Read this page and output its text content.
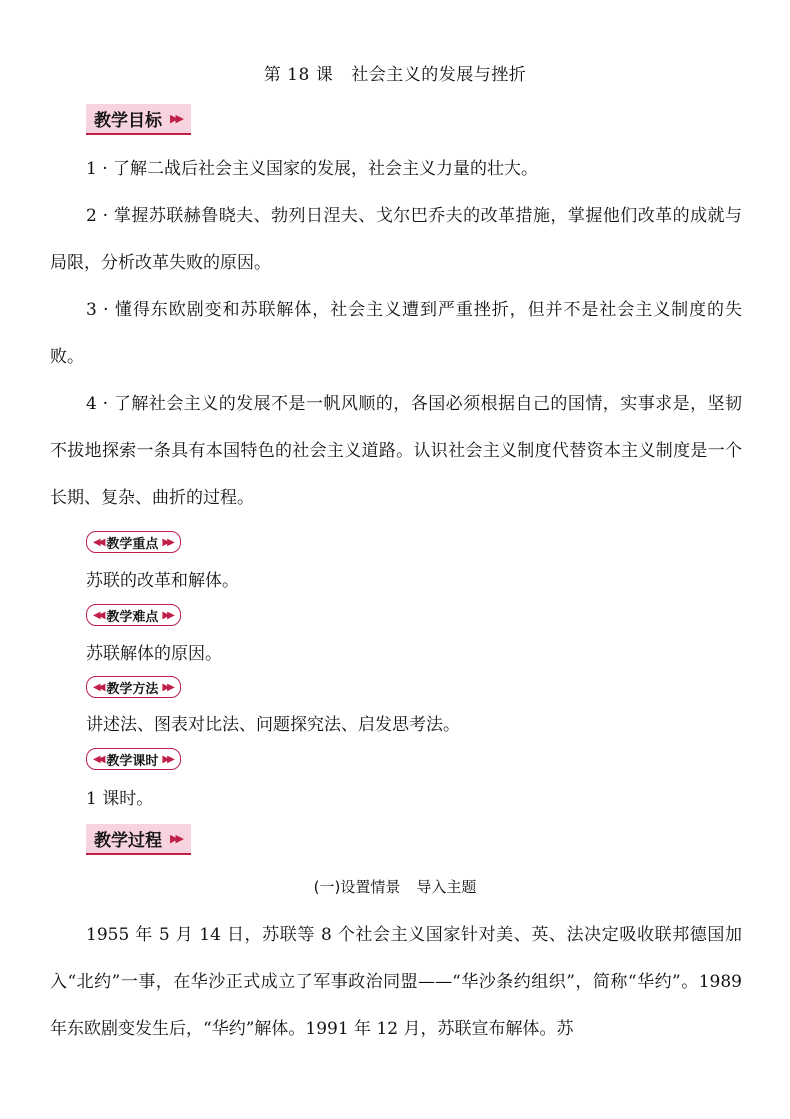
第 18 课 社会主义的发展与挫折
教学目标 ▶▶

1 · 了解二战后社会主义国家的发展，社会主义力量的壮大。

2 · 掌握苏联赫鲁晓夫、勃列日涅夫、戈尔巴乔夫的改革措施，掌握他们改革的成就与局限，分析改革失败的原因。

3 · 懂得东欧剧变和苏联解体，社会主义遭到严重挫折，但并不是社会主义制度的失败。

4 · 了解社会主义的发展不是一帆风顺的，各国必须根据自己的国情，实事求是，坚韧不拔地探索一条具有本国特色的社会主义道路。认识社会主义制度代替资本主义制度是一个长期、复杂、曲折的过程。

◀◀ 教学重点 ▶▶

苏联的改革和解体。

◀◀ 教学难点 ▶▶

苏联解体的原因。

◀◀ 教学方法 ▶▶

讲述法、图表对比法、问题探究法、启发思考法。

◀◀ 教学课时 ▶▶

1 课时。

教学过程 ▶▶
(一)设置情景 导入主题

1955 年 5 月 14 日，苏联等 8 个社会主义国家针对美、英、法决定吸收联邦德国加入“北约”一事，在华沙正式成立了军事政治同盟——“华沙条约组织”，简称“华约”。1989 年东欧剧变发生后，“华约”解体。1991 年 12 月，苏联宣布解体。苏
